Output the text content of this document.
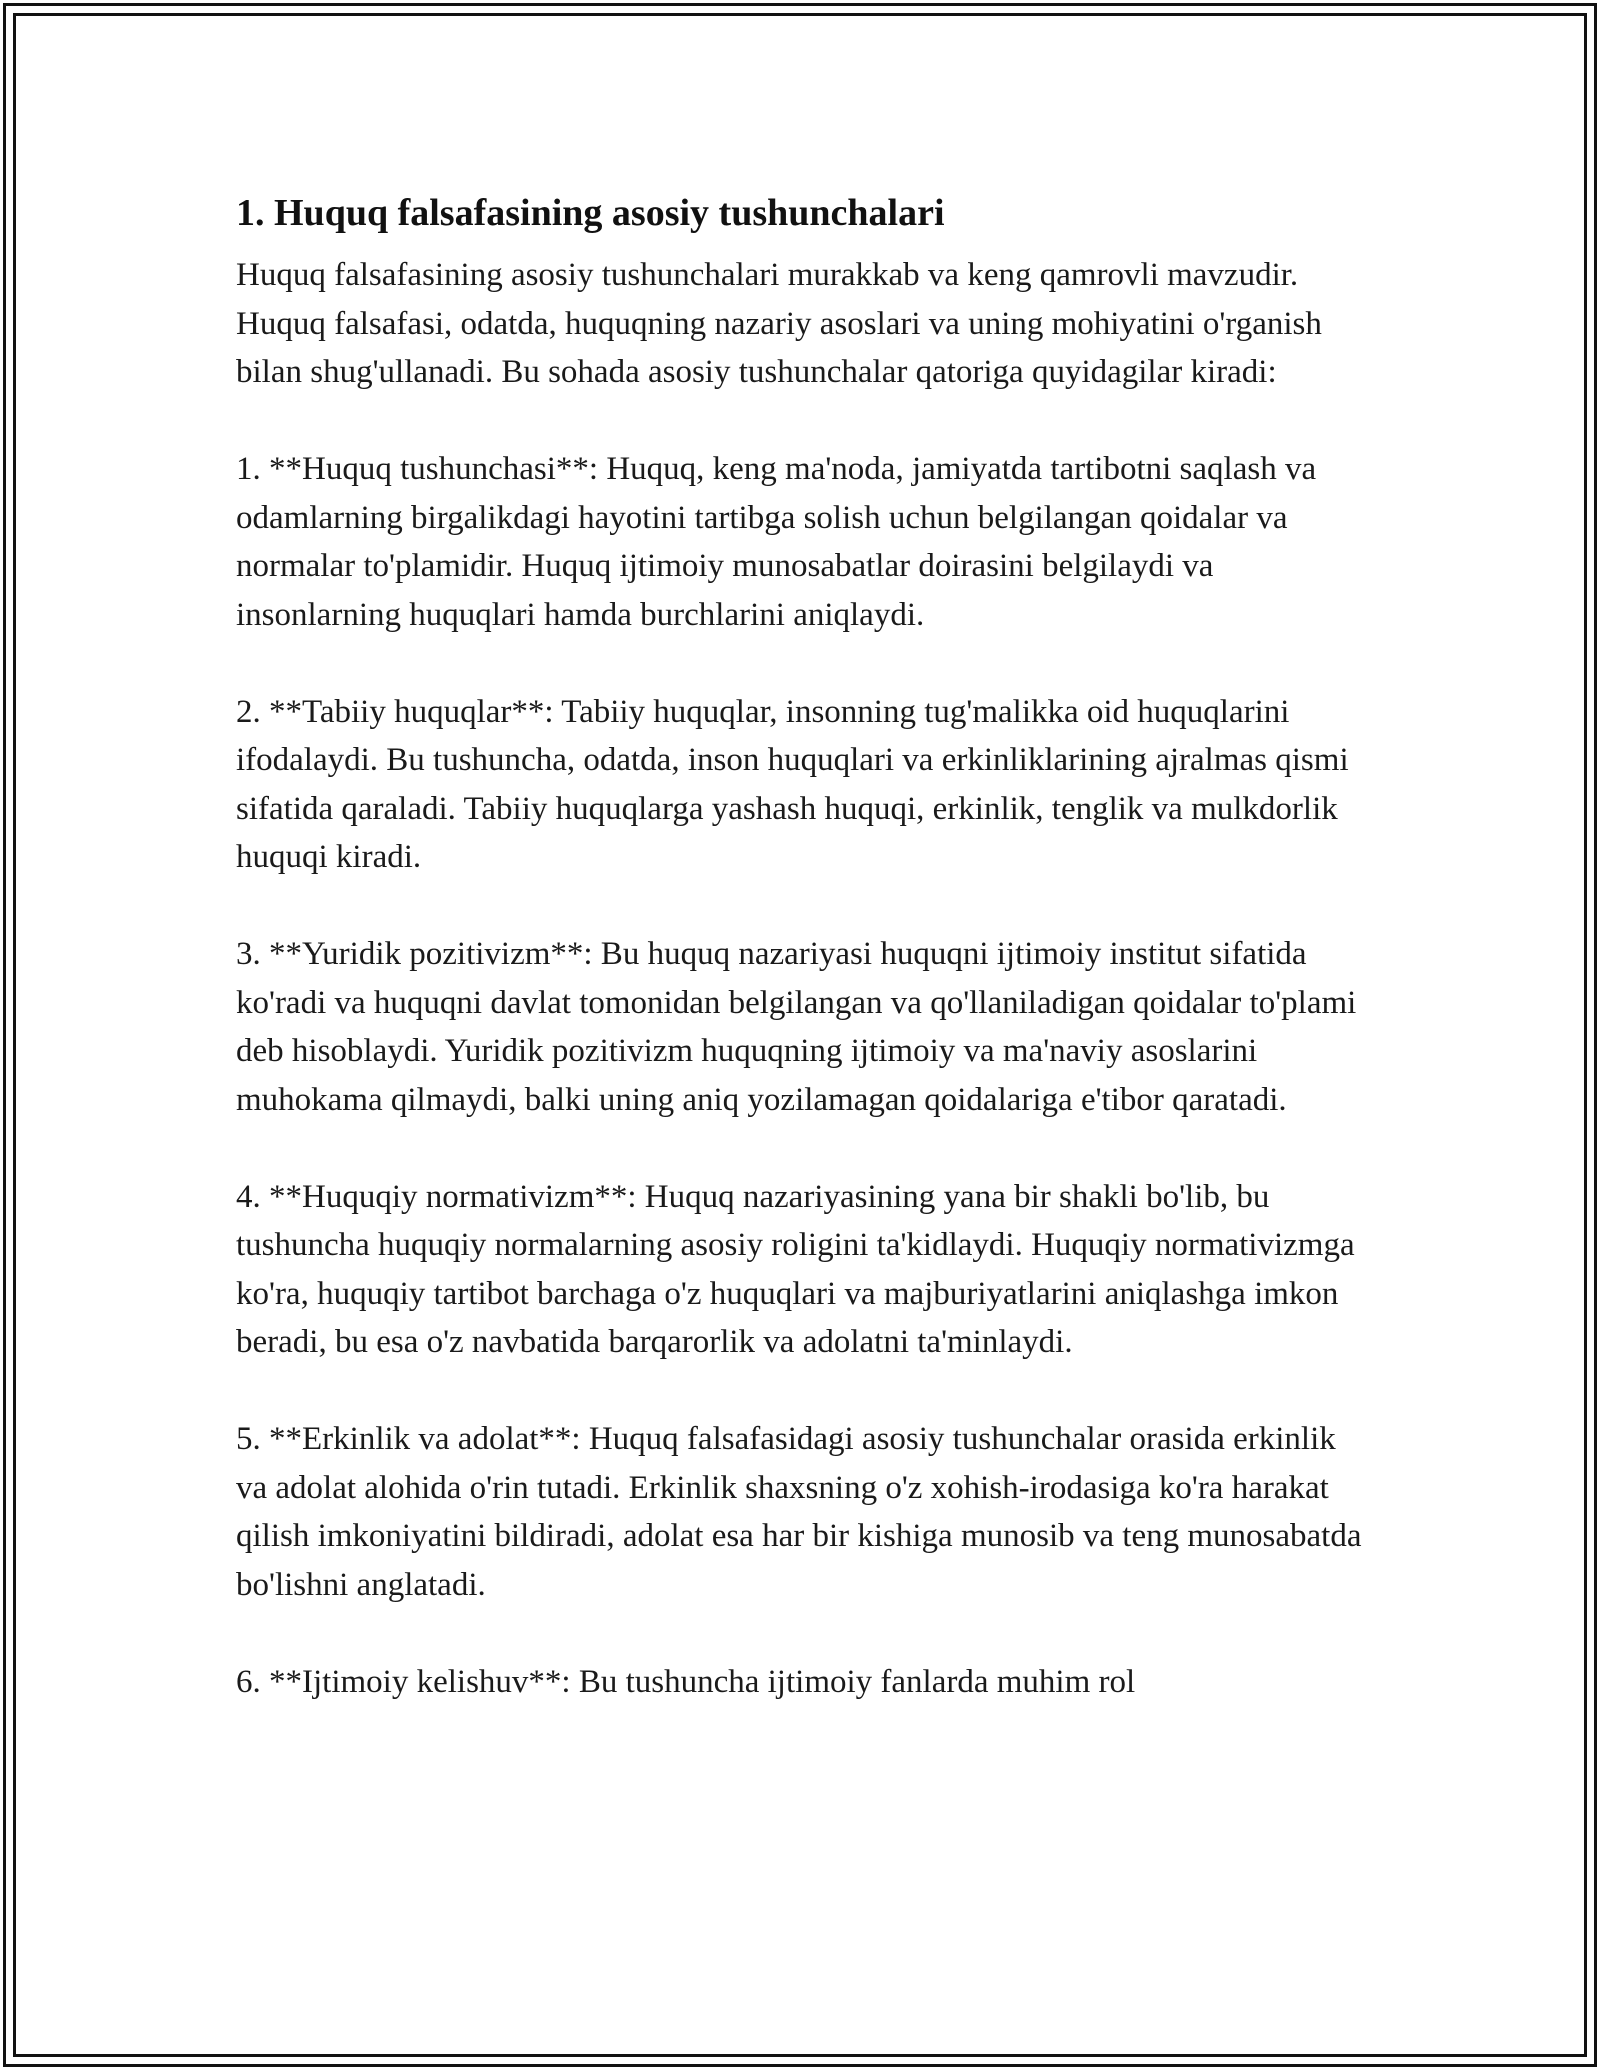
1. Huquq falsafasining asosiy tushunchalari

Huquq falsafasining asosiy tushunchalari murakkab va keng qamrovli mavzudir. Huquq falsafasi, odatda, huquqning nazariy asoslari va uning mohiyatini o'rganish bilan shug'ullanadi. Bu sohada asosiy tushunchalar qatoriga quyidagilar kiradi:

1. **Huquq tushunchasi**: Huquq, keng ma'noda, jamiyatda tartibotni saqlash va odamlarning birgalikdagi hayotini tartibga solish uchun belgilangan qoidalar va normalar to'plamidir. Huquq ijtimoiy munosabatlar doirasini belgilaydi va insonlarning huquqlari hamda burchlarini aniqlaydi.

2. **Tabiiy huquqlar**: Tabiiy huquqlar, insonning tug'malikka oid huquqlarini ifodalaydi. Bu tushuncha, odatda, inson huquqlari va erkinliklarining ajralmas qismi sifatida qaraladi. Tabiiy huquqlarga yashash huquqi, erkinlik, tenglik va mulkdorlik huquqi kiradi.

3. **Yuridik pozitivizm**: Bu huquq nazariyasi huquqni ijtimoiy institut sifatida ko'radi va huquqni davlat tomonidan belgilangan va qo'llaniladigan qoidalar to'plami deb hisoblaydi. Yuridik pozitivizm huquqning ijtimoiy va ma'naviy asoslarini muhokama qilmaydi, balki uning aniq yozilamagan qoidalariga e'tibor qaratadi.

4. **Huquqiy normativizm**: Huquq nazariyasining yana bir shakli bo'lib, bu tushuncha huquqiy normalarning asosiy roligini ta'kidlaydi. Huquqiy normativizmga ko'ra, huquqiy tartibot barchaga o'z huquqlari va majburiyatlarini aniqlashga imkon beradi, bu esa o'z navbatida barqarorlik va adolatni ta'minlaydi.

5. **Erkinlik va adolat**: Huquq falsafasidagi asosiy tushunchalar orasida erkinlik va adolat alohida o'rin tutadi. Erkinlik shaxsning o'z xohish-irodasiga ko'ra harakat qilish imkoniyatini bildiradi, adolat esa har bir kishiga munosib va teng munosabatda bo'lishni anglatadi.

6. **Ijtimoiy kelishuv**: Bu tushuncha ijtimoiy fanlarda muhim rol
